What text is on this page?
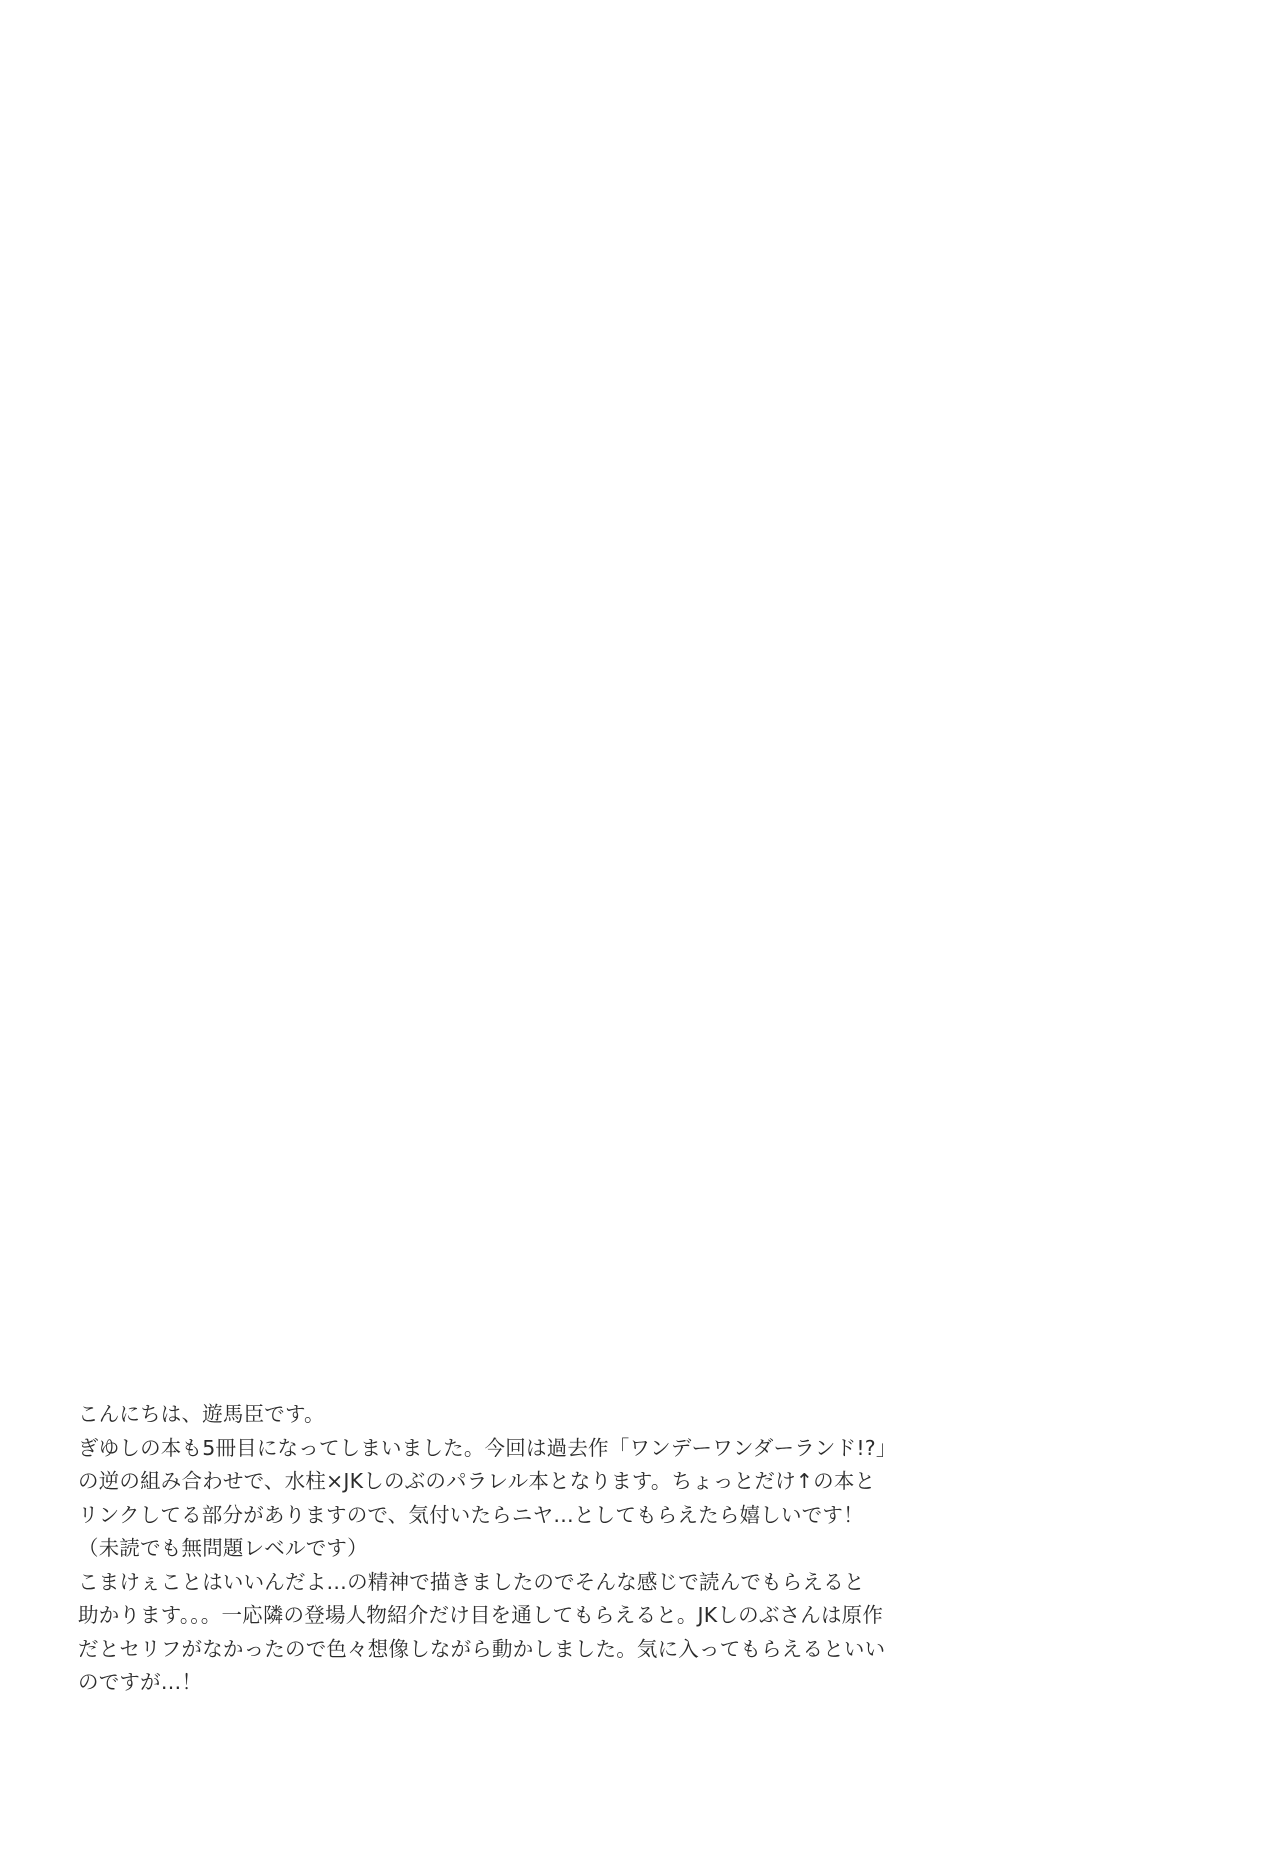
こんにちは、遊馬臣です。

ぎゆしの本も5冊目になってしまいました。今回は過去作「ワンデーワンダーランド!?」

の逆の組み合わせで、水柱×JKしのぶのパラレル本となります。ちょっとだけ↑の本と

リンクしてる部分がありますので、気付いたらニヤ…としてもらえたら嬉しいです！

（未読でも無問題レベルです）

こまけぇことはいいんだよ…の精神で描きましたのでそんな感じで読んでもらえると

助かります。。。一応隣の登場人物紹介だけ目を通してもらえると。JKしのぶさんは原作

だとセリフがなかったので色々想像しながら動かしました。気に入ってもらえるといい

のですが…！
